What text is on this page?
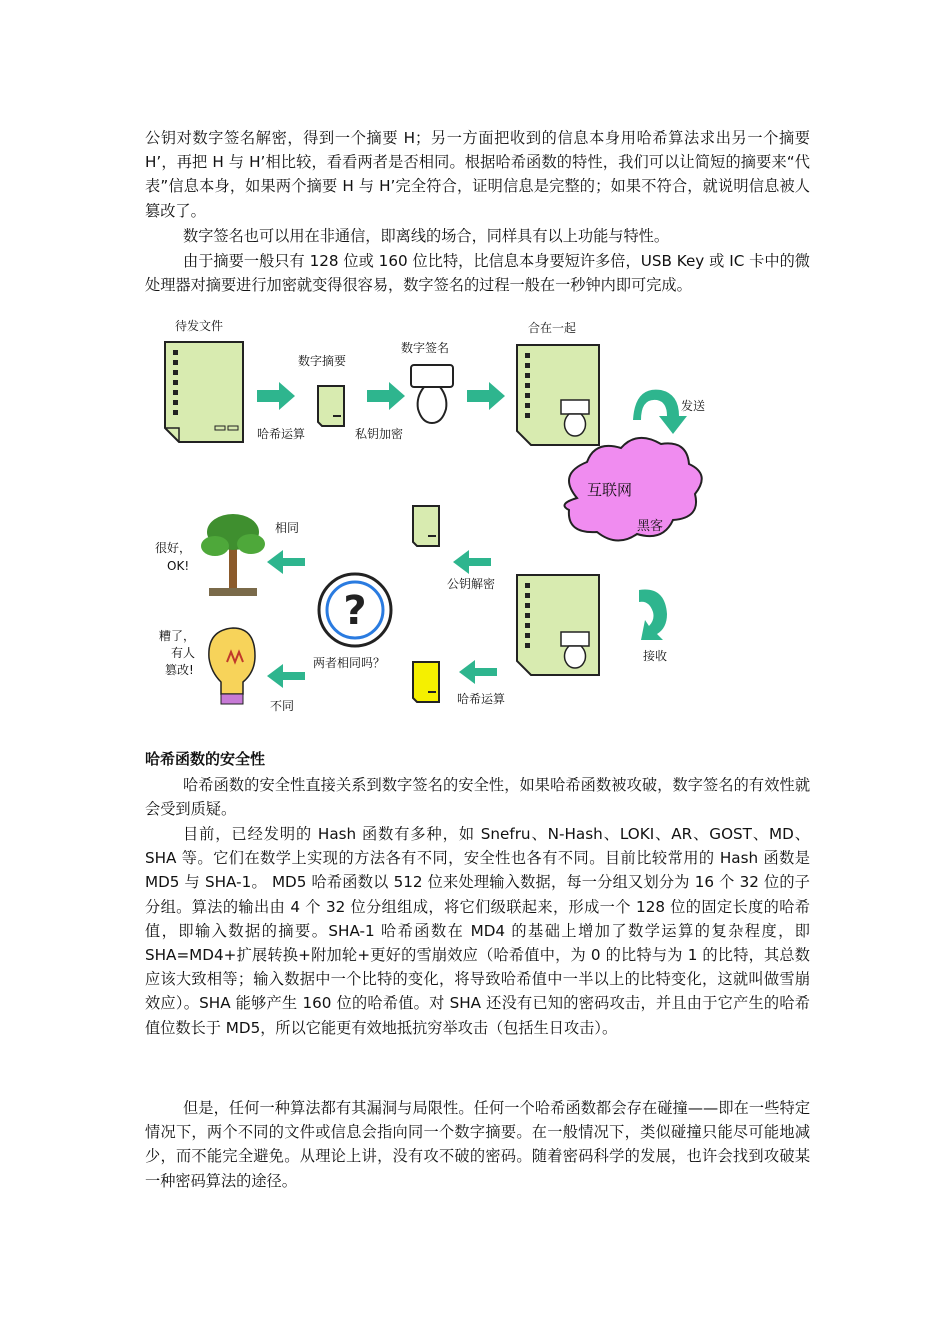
公钥对数字签名解密，得到一个摘要 H；另一方面把收到的信息本身用哈希算法求出另一个摘要 H’，再把 H 与 H’相比较，看看两者是否相同。根据哈希函数的特性，我们可以让简短的摘要来“代表”信息本身，如果两个摘要 H 与 H’完全符合，证明信息是完整的；如果不符合，就说明信息被人篡改了。

数字签名也可以用在非通信，即离线的场合，同样具有以上功能与特性。

由于摘要一般只有 128 位或 160 位比特，比信息本身要短许多倍，USB Key 或 IC 卡中的微处理器对摘要进行加密就变得很容易，数字签名的过程一般在一秒钟内即可完成。

待发文件
哈希运算
数字摘要
私钥加密
数字签名
合在一起
发送
互联网
黑客
接收
公钥解密
哈希运算
?
两者相同吗？
相同
不同
很好，
OK!
糟了，
有人
篡改!
哈希函数的安全性

哈希函数的安全性直接关系到数字签名的安全性，如果哈希函数被攻破，数字签名的有效性就会受到质疑。

目前，已经发明的 Hash 函数有多种，如 Snefru、N-Hash、LOKI、AR、GOST、MD、SHA 等。它们在数学上实现的方法各有不同，安全性也各有不同。目前比较常用的 Hash 函数是 MD5 与 SHA-1。 MD5 哈希函数以 512 位来处理输入数据，每一分组又划分为 16 个 32 位的子分组。算法的输出由 4 个 32 位分组组成，将它们级联起来，形成一个 128 位的固定长度的哈希值，即输入数据的摘要。SHA-1 哈希函数在 MD4 的基础上增加了数学运算的复杂程度，即 SHA=MD4+扩展转换+附加轮+更好的雪崩效应（哈希值中，为 0 的比特与为 1 的比特，其总数应该大致相等；输入数据中一个比特的变化，将导致哈希值中一半以上的比特变化，这就叫做雪崩效应）。SHA 能够产生 160 位的哈希值。对 SHA 还没有已知的密码攻击，并且由于它产生的哈希值位数长于 MD5，所以它能更有效地抵抗穷举攻击（包括生日攻击）。

但是，任何一种算法都有其漏洞与局限性。任何一个哈希函数都会存在碰撞——即在一些特定情况下，两个不同的文件或信息会指向同一个数字摘要。在一般情况下，类似碰撞只能尽可能地减少，而不能完全避免。从理论上讲，没有攻不破的密码。随着密码科学的发展，也许会找到攻破某一种密码算法的途径。
